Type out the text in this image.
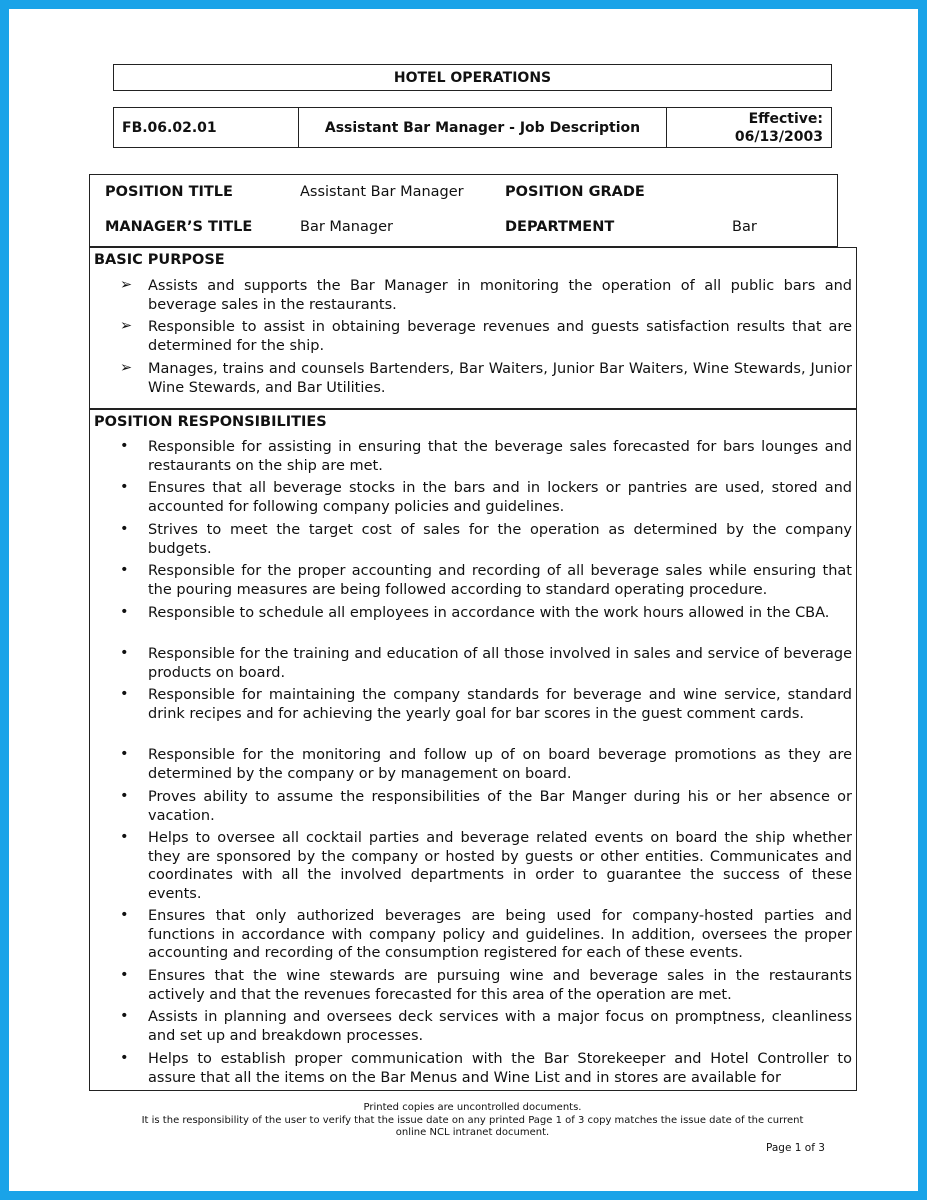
HOTEL OPERATIONS
FB.06.02.01	Assistant Bar Manager - Job Description
Effective:
06/13/2003
POSITION TITLE	Assistant Bar Manager	POSITION GRADE
MANAGER’S TITLE	Bar Manager	DEPARTMENT	Bar
BASIC PURPOSE
➢ Assists and supports the Bar Manager in monitoring the operation of all public bars and beverage sales in the restaurants.
➢ Responsible to assist in obtaining beverage revenues and guests satisfaction results that are determined for the ship.
➢ Manages, trains and counsels Bartenders, Bar Waiters, Junior Bar Waiters, Wine Stewards, Junior Wine Stewards, and Bar Utilities.
POSITION RESPONSIBILITIES
•	Responsible for assisting in ensuring that the beverage sales forecasted for bars lounges and restaurants on the ship are met.
•	Ensures that all beverage stocks in the bars and in lockers or pantries are used, stored and accounted for following company policies and guidelines.
•	Strives to meet the target cost of sales for the operation as determined by the company budgets.
•	Responsible for the proper accounting and recording of all beverage sales while ensuring that the pouring measures are being followed according to standard operating procedure.
•	Responsible to schedule all employees in accordance with the work hours allowed in the CBA.
•	Responsible for the training and education of all those involved in sales and service of beverage products on board.
•	Responsible for maintaining the company standards for beverage and wine service, standard drink recipes and for achieving the yearly goal for bar scores in the guest comment cards.
•	Responsible for the monitoring and follow up of on board beverage promotions as they are determined by the company or by management on board.
•	Proves ability to assume the responsibilities of the Bar Manger during his or her absence or vacation.
•	Helps to oversee all cocktail parties and beverage related events on board the ship whether they are sponsored by the company or hosted by guests or other entities. Communicates and coordinates with all the involved departments in order to guarantee the success of these events.
•	Ensures that only authorized beverages are being used for company-hosted parties and functions in accordance with company policy and guidelines. In addition, oversees the proper accounting and recording of the consumption registered for each of these events.
•	Ensures that the wine stewards are pursuing wine and beverage sales in the restaurants actively and that the revenues forecasted for this area of the operation are met.
•	Assists in planning and oversees deck services with a major focus on promptness, cleanliness and set up and breakdown processes.
•	Helps to establish proper communication with the Bar Storekeeper and Hotel Controller to assure that all the items on the Bar Menus and Wine List and in stores are available for
Printed copies are uncontrolled documents.
It is the responsibility of the user to verify that the issue date on any printed Page 1 of 3 copy matches the issue date of the current
online NCL intranet document.
Page 1 of 3
